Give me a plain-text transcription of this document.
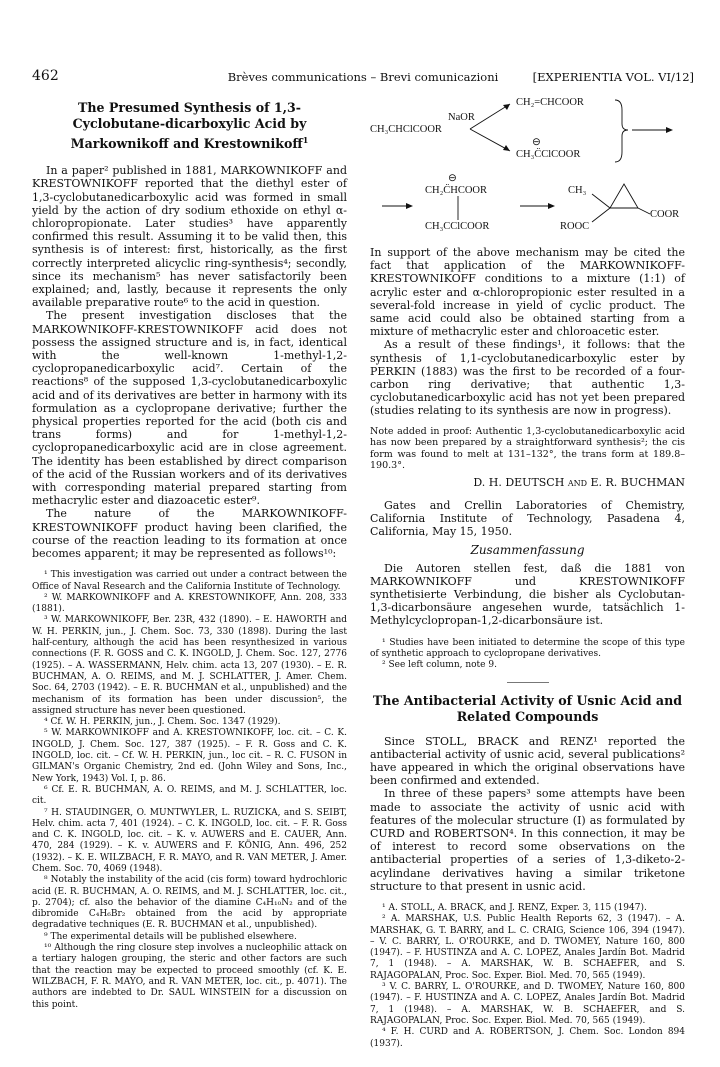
462	Brèves communications – Brevi comunicazioni	[EXPERIENTIA VOL. VI/12]
The Presumed Synthesis of 1,3-Cyclobutane-dicarboxylic Acid by Markownikoff and Krestownikoff$^1$

In a paper² published in 1881, MARKOWNIKOFF and KRESTOWNIKOFF reported that the diethyl ester of 1,3-cyclobutanedicarboxylic acid was formed in small yield by the action of dry sodium ethoxide on ethyl α-chloropropionate. Later studies³ have apparently confirmed this result. Assuming it to be valid then, this synthesis is of interest: first, historically, as the first correctly interpreted alicyclic ring-synthesis⁴; secondly, since its mechanism⁵ has never satisfactorily been explained; and, lastly, because it represents the only available preparative route⁶ to the acid in question.

The present investigation discloses that the MARKOWNIKOFF-KRESTOWNIKOFF acid does not possess the assigned structure and is, in fact, identical with the well-known 1-methyl-1,2-cyclopropanedicarboxylic acid⁷. Certain of the reactions⁸ of the supposed 1,3-cyclobutanedicarboxylic acid and of its derivatives are better in harmony with its formulation as a cyclopropane derivative; further the physical properties reported for the acid (both cis and trans forms) and for 1-methyl-1,2-cyclopropanedicarboxylic acid are in close agreement. The identity has been established by direct comparison of the acid of the Russian workers and of its derivatives with corresponding material prepared starting from methacrylic ester and diazoacetic ester⁹.

The nature of the MARKOWNIKOFF-KRESTOWNIKOFF product having been clarified, the course of the reaction leading to its formation at once becomes apparent; it may be represented as follows¹⁰:

¹ This investigation was carried out under a contract between the Office of Naval Research and the California Institute of Technology.
² W. MARKOWNIKOFF and A. KRESTOWNIKOFF, Ann. 208, 333 (1881).
³ W. MARKOWNIKOFF, Ber. 23R, 432 (1890). – E. HAWORTH and W. H. PERKIN, jun., J. Chem. Soc. 73, 330 (1898). During the last half-century, although the acid has been resynthesized in various connections (F. R. GOSS and C. K. INGOLD, J. Chem. Soc. 127, 2776 (1925). – A. WASSERMANN, Helv. chim. acta 13, 207 (1930). – E. R. BUCHMAN, A. O. REIMS, and M. J. SCHLATTER, J. Amer. Chem. Soc. 64, 2703 (1942). – E. R. BUCHMAN et al., unpublished) and the mechanism of its formation has been under discussion⁵, the assigned structure has never been questioned.
⁴ Cf. W. H. PERKIN, jun., J. Chem. Soc. 1347 (1929).
⁵ W. MARKOWNIKOFF and A. KRESTOWNIKOFF, loc. cit. – C. K. INGOLD, J. Chem. Soc. 127, 387 (1925). – F. R. Goss and C. K. INGOLD, loc. cit. – Cf. W. H. PERKIN, jun., loc cit. – R. C. FUSON in GILMAN's Organic Chemistry, 2nd ed. (John Wiley and Sons, Inc., New York, 1943) Vol. I, p. 86.
⁶ Cf. E. R. BUCHMAN, A. O. REIMS, and M. J. SCHLATTER, loc. cit.
⁷ H. STAUDINGER, O. MUNTWYLER, L. RUZICKA, and S. SEIBT, Helv. chim. acta 7, 401 (1924). – C. K. INGOLD, loc. cit. – F. R. Goss and C. K. INGOLD, loc. cit. – K. v. AUWERS and E. CAUER, Ann. 470, 284 (1929). – K. v. AUWERS and F. KÖNIG, Ann. 496, 252 (1932). – K. E. WILZBACH, F. R. MAYO, and R. VAN METER, J. Amer. Chem. Soc. 70, 4069 (1948).
⁸ Notably the instability of the acid (cis form) toward hydrochloric acid (E. R. BUCHMAN, A. O. REIMS, and M. J. SCHLATTER, loc. cit., p. 2704); cf. also the behavior of the diamine C₄H₁₀N₂ and of the dibromide C₄H₆Br₂ obtained from the acid by appropriate degradative techniques (E. R. BUCHMAN et al., unpublished).
⁹ The experimental details will be published elsewhere.
¹⁰ Although the ring closure step involves a nucleophilic attack on a tertiary halogen grouping, the steric and other factors are such that the reaction may be expected to proceed smoothly (cf. K. E. WILZBACH, F. R. MAYO, and R. VAN METER, loc. cit., p. 4071). The authors are indebted to Dr. SAUL WINSTEIN for a discussion on this point.
CH₂=CHCOOR
CH₃CHClCOOR
NaOR
⊖
CH₃C̈ClCOOR
⊖
CH₂C̈HCOOR
CH₃CClCOOR
CH₃
COOR
ROOC

In support of the above mechanism may be cited the fact that application of the MARKOWNIKOFF-KRESTOWNIKOFF conditions to a mixture (1:1) of acrylic ester and α-chloropropionic ester resulted in a several-fold increase in yield of cyclic product. The same acid could also be obtained starting from a mixture of methacrylic ester and chloroacetic ester.

As a result of these findings¹, it follows: that the synthesis of 1,1-cyclobutanedicarboxylic ester by PERKIN (1883) was the first to be recorded of a four-carbon ring derivative; that authentic 1,3-cyclobutanedicarboxylic acid has not yet been prepared (studies relating to its synthesis are now in progress).

Note added in proof: Authentic 1,3-cyclobutanedicarboxylic acid has now been prepared by a straightforward synthesis²; the cis form was found to melt at 131–132°, the trans form at 189.8–190.3°.
D. H. DEUTSCH and E. R. BUCHMAN

Gates and Crellin Laboratories of Chemistry, California Institute of Technology, Pasadena 4, California, May 15, 1950.

Zusammenfassung

Die Autoren stellen fest, daß die 1881 von MARKOWNIKOFF und KRESTOWNIKOFF synthetisierte Verbindung, die bisher als Cyclobutan-1,3-dicarbonsäure angesehen wurde, tatsächlich 1-Methylcyclopropan-1,2-dicarbonsäure ist.

¹ Studies have been initiated to determine the scope of this type of synthetic approach to cyclopropane derivatives.
² See left column, note 9.
The Antibacterial Activity of Usnic Acid and Related Compounds

Since STOLL, BRACK and RENZ¹ reported the antibacterial activity of usnic acid, several publications² have appeared in which the original observations have been confirmed and extended.

In three of these papers³ some attempts have been made to associate the activity of usnic acid with features of the molecular structure (I) as formulated by CURD and ROBERTSON⁴. In this connection, it may be of interest to record some observations on the antibacterial properties of a series of 1,3-diketo-2-acylindane derivatives having a similar triketone structure to that present in usnic acid.

¹ A. STOLL, A. BRACK, and J. RENZ, Exper. 3, 115 (1947).
² A. MARSHAK, U.S. Public Health Reports 62, 3 (1947). – A. MARSHAK, G. T. BARRY, and L. C. CRAIG, Science 106, 394 (1947). – V. C. BARRY, L. O'ROURKE, and D. TWOMEY, Nature 160, 800 (1947). – F. HUSTINZA and A. C. LOPEZ, Anales Jardín Bot. Madrid 7, 1 (1948). – A. MARSHAK, W. B. SCHAEFER, and S. RAJAGOPALAN, Proc. Soc. Exper. Biol. Med. 70, 565 (1949).
³ V. C. BARRY, L. O'ROURKE, and D. TWOMEY, Nature 160, 800 (1947). – F. HUSTINZA and A. C. LOPEZ, Anales Jardín Bot. Madrid 7, 1 (1948). – A. MARSHAK, W. B. SCHAEFER, and S. RAJAGOPALAN, Proc. Soc. Exper. Biol. Med. 70, 565 (1949).
⁴ F. H. CURD and A. ROBERTSON, J. Chem. Soc. London 894 (1937).
